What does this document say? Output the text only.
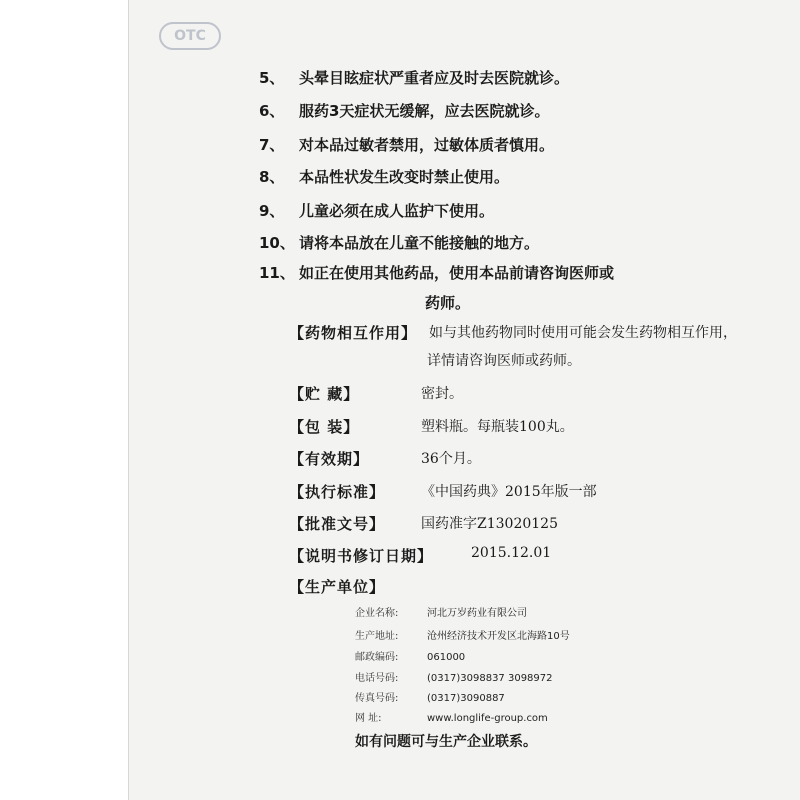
OTC
5、 头晕目眩症状严重者应及时去医院就诊。
6、 服药3天症状无缓解，应去医院就诊。
7、 对本品过敏者禁用，过敏体质者慎用。
8、 本品性状发生改变时禁止使用。
9、 儿童必须在成人监护下使用。
10、 请将本品放在儿童不能接触的地方。
11、 如正在使用其他药品，使用本品前请咨询医师或
药师。
【药物相互作用】 如与其他药物同时使用可能会发生药物相互作用，
详情请咨询医师或药师。
【贮 藏】	密封。
【包 装】	塑料瓶。每瓶装100丸。
【有效期】	36个月。
【执行标准】	《中国药典》2015年版一部
【批准文号】	国药准字Z13020125
【说明书修订日期】	2015.12.01
【生产单位】
企业名称:	河北万岁药业有限公司
生产地址:	沧州经济技术开发区北海路10号
邮政编码:	061000
电话号码:	(0317)3098837 3098972
传真号码:	(0317)3090887
网 址:	www.longlife-group.com
如有问题可与生产企业联系。
